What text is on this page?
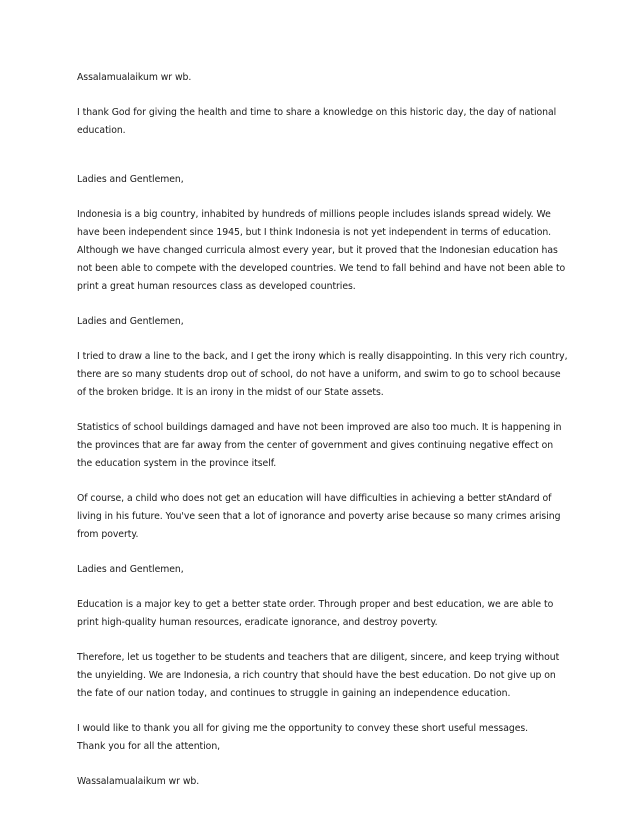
Assalamualaikum wr wb.

I thank God for giving the health and time to share a knowledge on this historic day, the day of national
education.

Ladies and Gentlemen,

Indonesia is a big country, inhabited by hundreds of millions people includes islands spread widely. We
have been independent since 1945, but I think Indonesia is not yet independent in terms of education.
Although we have changed curricula almost every year, but it proved that the Indonesian education has
not been able to compete with the developed countries. We tend to fall behind and have not been able to
print a great human resources class as developed countries.

Ladies and Gentlemen,

I tried to draw a line to the back, and I get the irony which is really disappointing. In this very rich country,
there are so many students drop out of school, do not have a uniform, and swim to go to school because
of the broken bridge. It is an irony in the midst of our State assets.

Statistics of school buildings damaged and have not been improved are also too much. It is happening in
the provinces that are far away from the center of government and gives continuing negative effect on
the education system in the province itself.

Of course, a child who does not get an education will have difficulties in achieving a better stAndard of
living in his future. You've seen that a lot of ignorance and poverty arise because so many crimes arising
from poverty.

Ladies and Gentlemen,

Education is a major key to get a better state order. Through proper and best education, we are able to
print high-quality human resources, eradicate ignorance, and destroy poverty.

Therefore, let us together to be students and teachers that are diligent, sincere, and keep trying without
the unyielding. We are Indonesia, a rich country that should have the best education. Do not give up on
the fate of our nation today, and continues to struggle in gaining an independence education.

I would like to thank you all for giving me the opportunity to convey these short useful messages.
Thank you for all the attention,

Wassalamualaikum wr wb.
